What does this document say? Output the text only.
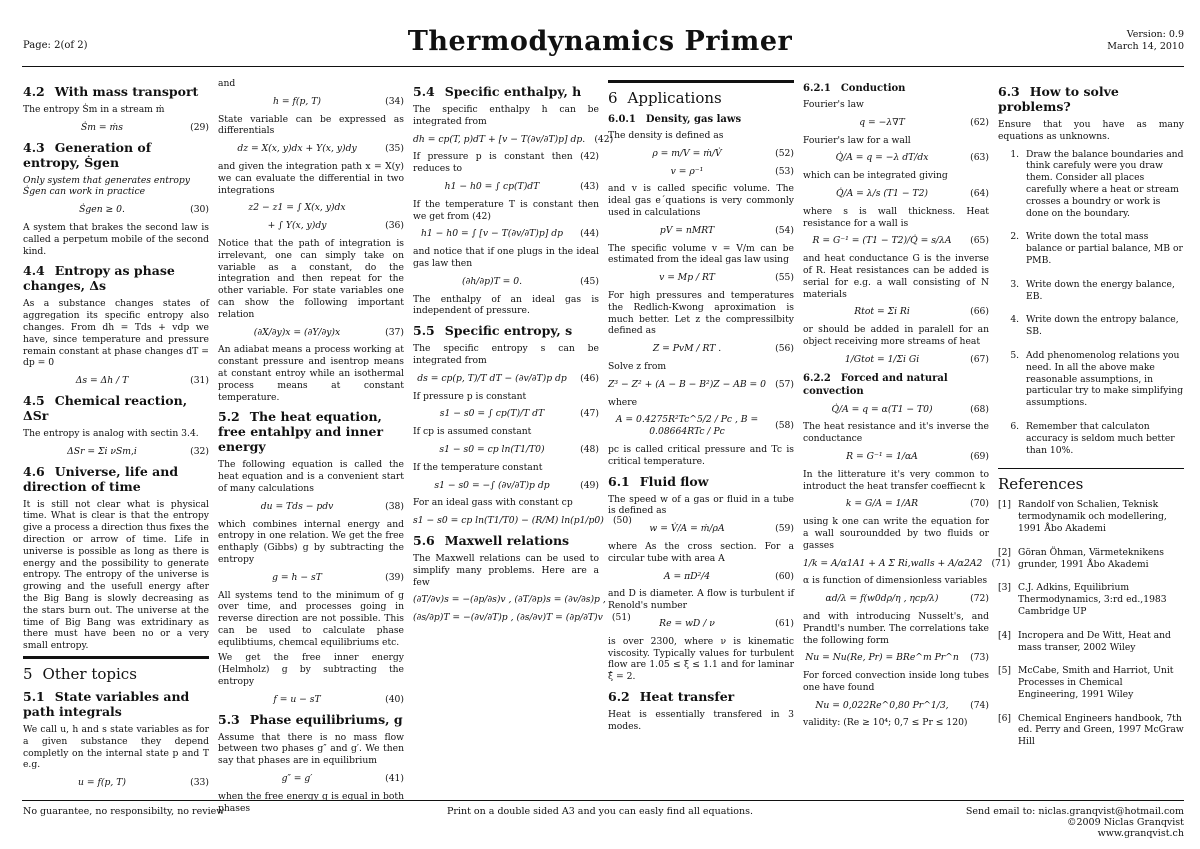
Page: 2(of 2)	Thermodynamics Primer	Version: 0.9
March 14, 2010
4.2 With mass transport

The entropy Ṡm in a stream ṁ

Ṡm = ṁs	(29)
4.3 Generation of entropy, Ṡgen

Only system that generates entropy Ṡgen can work in practice

Ṡgen ≥ 0.	(30)

A system that brakes the second law is called a perpetum mobile of the second kind.

4.4 Entropy as phase changes, Δs

As a substance changes states of aggregation its specific entropy also changes. From dh = Tds + vdp we have, since temperature and pressure remain constant at phase changes dT = dp = 0

Δs = Δh / T	(31)
4.5 Chemical reaction, ΔSr

The entropy is analog with sectin 3.4.

ΔSr = Σi νSm,i	(32)
4.6 Universe, life and direction of time

It is still not clear what is physical time. What is clear is that the entropy give a process a direction thus fixes the direction or arrow of time. Life in universe is possible as long as there is energy and the possibility to generate entropy. The entropy of the universe is growing and the usefull energy after the Big Bang is slowly decreasing as the stars burn out. The universe at the time of Big Bang was extridinary as there must have been no or a very small entropy.

5 Other topics
5.1 State variables and path integrals

We call u, h and s state variables as for a given substance they depend completly on the internal state p and T e.g.

u = f(p, T)	(33)

and

h = f(p, T)	(34)

State variable can be expressed as differentials

dz = X(x, y)dx + Y(x, y)dy	(35)

and given the integration path x = X(y) we can evaluate the differential in two integrations

z2 − z1 = ∫ X(x, y)dx
+ ∫ Y(x, y)dy	(36)

Notice that the path of integration is irrelevant, one can simply take on variable as a constant, do the integration and then repeat for the other variable. For state variables one can show the following important relation

(∂X/∂y)x = (∂Y/∂y)x	(37)

An adiabat means a process working at constant pressure and isentrop means at constant entroy while an isothermal process means at constant temperature.

5.2 The heat equation, free entahlpy and inner energy

The following equation is called the heat equation and is a convenient start of many calculations

du = Tds − pdv	(38)

which combines internal energy and entropy in one relation. We get the free enthaply (Gibbs) g by subtracting the entropy

g = h − sT	(39)

All systems tend to the minimum of g over time, and processes going in reverse direction are not possible. This can be used to calculate phase equlibtiums, chemcal equilibriums etc.

We get the free inner energy (Helmholz) g by subtracting the entropy

f = u − sT	(40)
5.3 Phase equilibriums, g

Assume that there is no mass flow between two phases g″ and g′. We then say that phases are in equilibrium

g″ = g′	(41)

when the free energy g is equal in both phases

5.4 Specific enthalpy, h

The specific enthalpy h can be integrated from

dh = cp(T, p)dT + [v − T(∂v/∂T)p] dp. (42)

If pressure p is constant then (42) reduces to

h1 − h0 = ∫ cp(T)dT	(43)

If the temperature T is constant then we get from (42)

h1 − h0 = ∫ [v − T(∂v/∂T)p] dp	(44)

and notice that if one plugs in the ideal gas law then

(∂h/∂p)T = 0.	(45)

The enthalpy of an ideal gas is independent of pressure.

5.5 Specific entropy, s

The specific entropy s can be integrated from

ds = cp(p, T)/T dT − (∂v/∂T)p dp	(46)

If pressure p is constant

s1 − s0 = ∫ cp(T)/T dT	(47)

If cp is assumed constant

s1 − s0 = cp ln(T1/T0)	(48)

If the temperature constant

s1 − s0 = −∫ (∂v/∂T)p dp	(49)

For an ideal gass with constant cp

s1 − s0 = cp ln(T1/T0) − (R/M) ln(p1/p0) (50)
5.6 Maxwell relations

The Maxwell relations can be used to simplify many problems. Here are a few

(∂T/∂v)s = −(∂p/∂s)v , (∂T/∂p)s = (∂v/∂s)p ,
(∂s/∂p)T = −(∂v/∂T)p , (∂s/∂v)T = (∂p/∂T)v (51)
6 Applications
6.0.1 Density, gas laws

The density is defined as

ρ = m/V = ṁ/V̇	(52)
v = ρ⁻¹	(53)

and v is called specific volume. The ideal gas e´quations is very commonly used in calculations

pV = nMRT	(54)

The specific volume v = V/m can be estimated from the ideal gas law using

v = Mp / RT	(55)

For high pressures and temperatures the Redlich-Kwong aproximation is much better. Let z the compressilbity defined as

Z = PvM / RT .	(56)

Solve z from

Z³ − Z² + (A − B − B²)Z − AB = 0 (57)

where

A = 0.4275R²Tc^5/2 / Pc , B = 0.08664RTc / Pc
(58)

pc is called critical pressure and Tc is critical temperature.

6.1 Fluid flow

The speed w of a gas or fluid in a tube is defined as

w = V̇/A = ṁ/ρA	(59)

where As the cross section. For a circular tube with area A

A = πD²/4	(60)

and D is diameter. A flow is turbulent if Renold's number

Re = wD / ν	(61)

is over 2300, where ν is kinematic viscosity. Typically values for turbulent flow are 1.05 ≤ ξ ≤ 1.1 and for laminar ξ̂ = 2.

6.2 Heat transfer

Heat is essentially transfered in 3 modes.

6.2.1 Conduction

Fourier's law

q = −λ∇T	(62)

Fourier's law for a wall

Q̇/A = q = −λ dT/dx	(63)

which can be integrated giving

Q̇/A = λ/s (T1 − T2)	(64)

where s is wall thickness. Heat resistance for a wall is

R = G⁻¹ = (T1 − T2)/Q̇ = s/λA	(65)

and heat conductance G is the inverse of R. Heat resistances can be added is serial for e.g. a wall consisting of N materials

Rtot = Σi Ri	(66)

or should be added in paralell for an object receiving more streams of heat

1/Gtot = 1/Σi Gi	(67)
6.2.2 Forced and natural convection
Q̇/A = q = α(T1 − T0)	(68)

The heat resistance and it's inverse the conductance

R = G⁻¹ = 1/αA	(69)

In the litterature it's very common to introduct the heat transfer coeffiecnt k

k = G/A = 1/AR	(70)

using k one can write the equation for a wall souroundded by two fluids or gasses

1/k = A/α1A1 + A Σ Ri,walls + A/α2A2 (71)

α is function of dimensionless variables

αd/λ = f(w0dρ/η , ηcp/λ)	(72)

and with introducing Nusselt's, and Prandtl's number. The correlations take the following form

Nu = Nu(Re, Pr) = BRe^m Pr^n	(73)

For forced convection inside long tubes one have found

Nu = 0,022Re^0,80 Pr^1/3,	(74)

validity: (Re ≥ 10⁴; 0,7 ≤ Pr ≤ 120)

6.3 How to solve problems?

Ensure that you have as many equations as unknowns.

1. Draw the balance boundaries and think carefuly were you draw them. Consider all places carefully where a heat or stream crosses a boundry or work is done on the boundary.
2. Write down the total mass balance or partial balance, MB or PMB.
3. Write down the energy balance, EB.
4. Write down the entropy balance, SB.
5. Add phenomenolog relations you need. In all the above make reasonable assumptions, in particular try to make simplifying assumptions.
6. Remember that calculaton accuracy is seldom much better than 10%.
References
[1] Randolf von Schalien, Teknisk termodynamik och modellering, 1991 Åbo Akademi
[2] Göran Öhman, Värmeteknikens grunder, 1991 Åbo Akademi
[3] C.J. Adkins, Equilibrium Thermodynamics, 3:rd ed.,1983 Cambridge UP
[4] Incropera and De Witt, Heat and mass transer, 2002 Wiley
[5] McCabe, Smith and Harriot, Unit Processes in Chemical Engineering, 1991 Wiley
[6] Chemical Engineers handbook, 7th ed. Perry and Green, 1997 McGraw Hill
No guarantee, no responsibilty, no review	Print on a double sided A3 and you can easly find all equations.	Send email to: niclas.granqvist@hotmail.com
©2009 Niclas Granqvist
www.granqvist.ch
